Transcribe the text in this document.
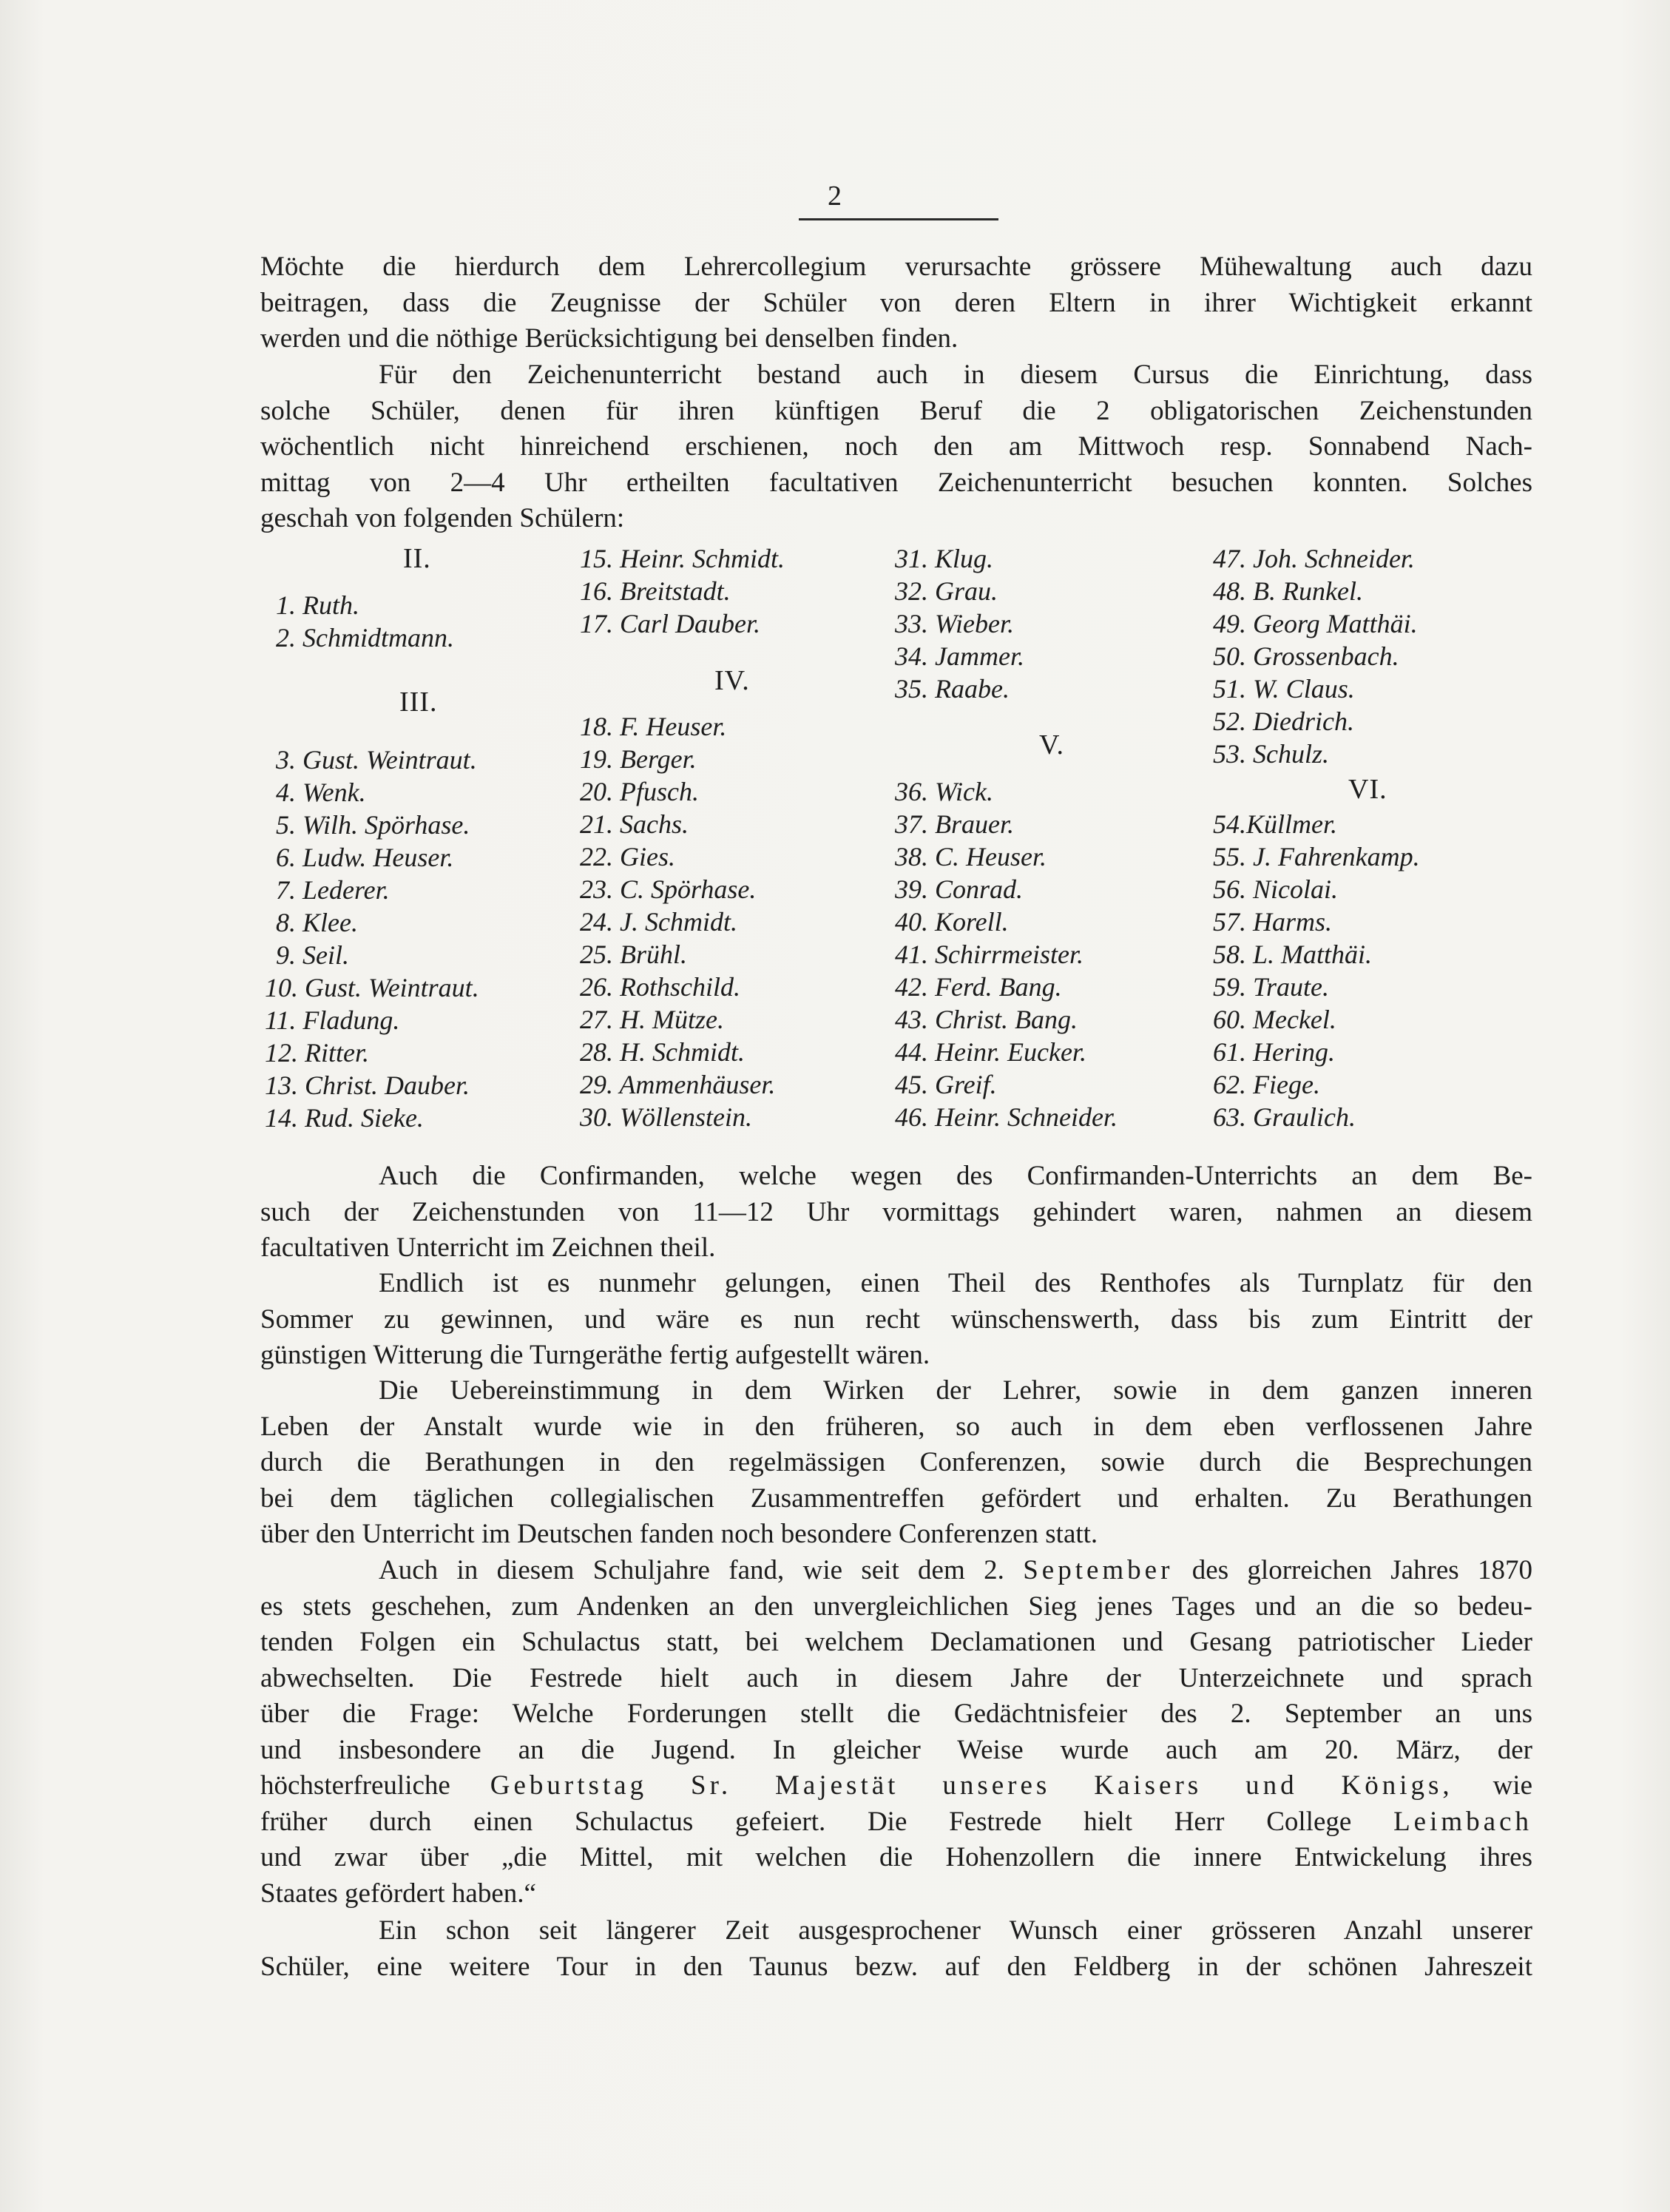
2
Möchte die hierdurch dem Lehrercollegium verursachte grössere Mühewaltung auch dazu
beitragen, dass die Zeugnisse der Schüler von deren Eltern in ihrer Wichtigkeit erkannt
werden und die nöthige Berücksichtigung bei denselben finden.
Für den Zeichenunterricht bestand auch in diesem Cursus die Einrichtung, dass
solche Schüler, denen für ihren künftigen Beruf die 2 obligatorischen Zeichenstunden
wöchentlich nicht hinreichend erschienen, noch den am Mittwoch resp. Sonnabend Nach-
mittag von 2—4 Uhr ertheilten facultativen Zeichenunterricht besuchen konnten. Solches
geschah von folgenden Schülern:
II.
III.
IV.
V.
VI.
1. Ruth.
2. Schmidtmann.
3. Gust. Weintraut.
4. Wenk.
5. Wilh. Spörhase.
6. Ludw. Heuser.
7. Lederer.
8. Klee.
9. Seil.
10. Gust. Weintraut.
11. Fladung.
12. Ritter.
13. Christ. Dauber.
14. Rud. Sieke.
15. Heinr. Schmidt.
16. Breitstadt.
17. Carl Dauber.
18. F. Heuser.
19. Berger.
20. Pfusch.
21. Sachs.
22. Gies.
23. C. Spörhase.
24. J. Schmidt.
25. Brühl.
26. Rothschild.
27. H. Mütze.
28. H. Schmidt.
29. Ammenhäuser.
30. Wöllenstein.
31. Klug.
32. Grau.
33. Wieber.
34. Jammer.
35. Raabe.
36. Wick.
37. Brauer.
38. C. Heuser.
39. Conrad.
40. Korell.
41. Schirrmeister.
42. Ferd. Bang.
43. Christ. Bang.
44. Heinr. Eucker.
45. Greif.
46. Heinr. Schneider.
47. Joh. Schneider.
48. B. Runkel.
49. Georg Matthäi.
50. Grossenbach.
51. W. Claus.
52. Diedrich.
53. Schulz.
54.Küllmer.
55. J. Fahrenkamp.
56. Nicolai.
57. Harms.
58. L. Matthäi.
59. Traute.
60. Meckel.
61. Hering.
62. Fiege.
63. Graulich.
Auch die Confirmanden, welche wegen des Confirmanden-Unterrichts an dem Be-
such der Zeichenstunden von 11—12 Uhr vormittags gehindert waren, nahmen an diesem
facultativen Unterricht im Zeichnen theil.
Endlich ist es nunmehr gelungen, einen Theil des Renthofes als Turnplatz für den
Sommer zu gewinnen, und wäre es nun recht wünschenswerth, dass bis zum Eintritt der
günstigen Witterung die Turngeräthe fertig aufgestellt wären.
Die Uebereinstimmung in dem Wirken der Lehrer, sowie in dem ganzen inneren
Leben der Anstalt wurde wie in den früheren, so auch in dem eben verflossenen Jahre
durch die Berathungen in den regelmässigen Conferenzen, sowie durch die Besprechungen
bei dem täglichen collegialischen Zusammentreffen gefördert und erhalten. Zu Berathungen
über den Unterricht im Deutschen fanden noch besondere Conferenzen statt.
Auch in diesem Schuljahre fand, wie seit dem 2. September des glorreichen Jahres 1870
es stets geschehen, zum Andenken an den unvergleichlichen Sieg jenes Tages und an die so bedeu-
tenden Folgen ein Schulactus statt, bei welchem Declamationen und Gesang patriotischer Lieder
abwechselten. Die Festrede hielt auch in diesem Jahre der Unterzeichnete und sprach
über die Frage: Welche Forderungen stellt die Gedächtnisfeier des 2. September an uns
und insbesondere an die Jugend. In gleicher Weise wurde auch am 20. März, der
höchsterfreuliche Geburtstag Sr. Majestät unseres Kaisers und Königs, wie
früher durch einen Schulactus gefeiert. Die Festrede hielt Herr College Leimbach
und zwar über „die Mittel, mit welchen die Hohenzollern die innere Entwickelung ihres
Staates gefördert haben.“
Ein schon seit längerer Zeit ausgesprochener Wunsch einer grösseren Anzahl unserer
Schüler, eine weitere Tour in den Taunus bezw. auf den Feldberg in der schönen Jahreszeit
